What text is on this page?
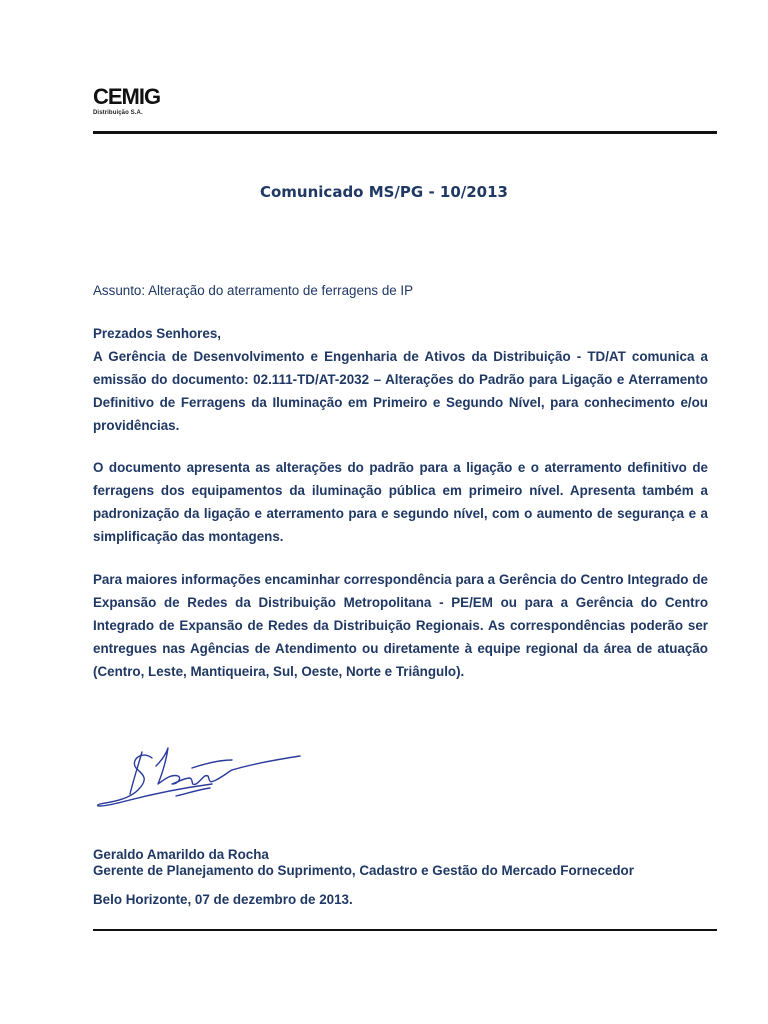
CEMIG
Distribuição S.A.
Comunicado MS/PG - 10/2013
Assunto: Alteração do aterramento de ferragens de IP
Prezados Senhores,
A Gerência de Desenvolvimento e Engenharia de Ativos da Distribuição - TD/AT comunica a emissão do documento: 02.111-TD/AT-2032 – Alterações do Padrão para Ligação e Aterramento Definitivo de Ferragens da Iluminação em Primeiro e Segundo Nível, para conhecimento e/ou providências.
O documento apresenta as alterações do padrão para a ligação e o aterramento definitivo de ferragens dos equipamentos da iluminação pública em primeiro nível. Apresenta também a padronização da ligação e aterramento para e segundo nível, com o aumento de segurança e a simplificação das montagens.
Para maiores informações encaminhar correspondência para a Gerência do Centro Integrado de Expansão de Redes da Distribuição Metropolitana - PE/EM ou para a Gerência do Centro Integrado de Expansão de Redes da Distribuição Regionais. As correspondências poderão ser entregues nas Agências de Atendimento ou diretamente à equipe regional da área de atuação (Centro, Leste, Mantiqueira, Sul, Oeste, Norte e Triângulo).
Geraldo Amarildo da Rocha
Gerente de Planejamento do Suprimento, Cadastro e Gestão do Mercado Fornecedor
Belo Horizonte, 07 de dezembro de 2013.
